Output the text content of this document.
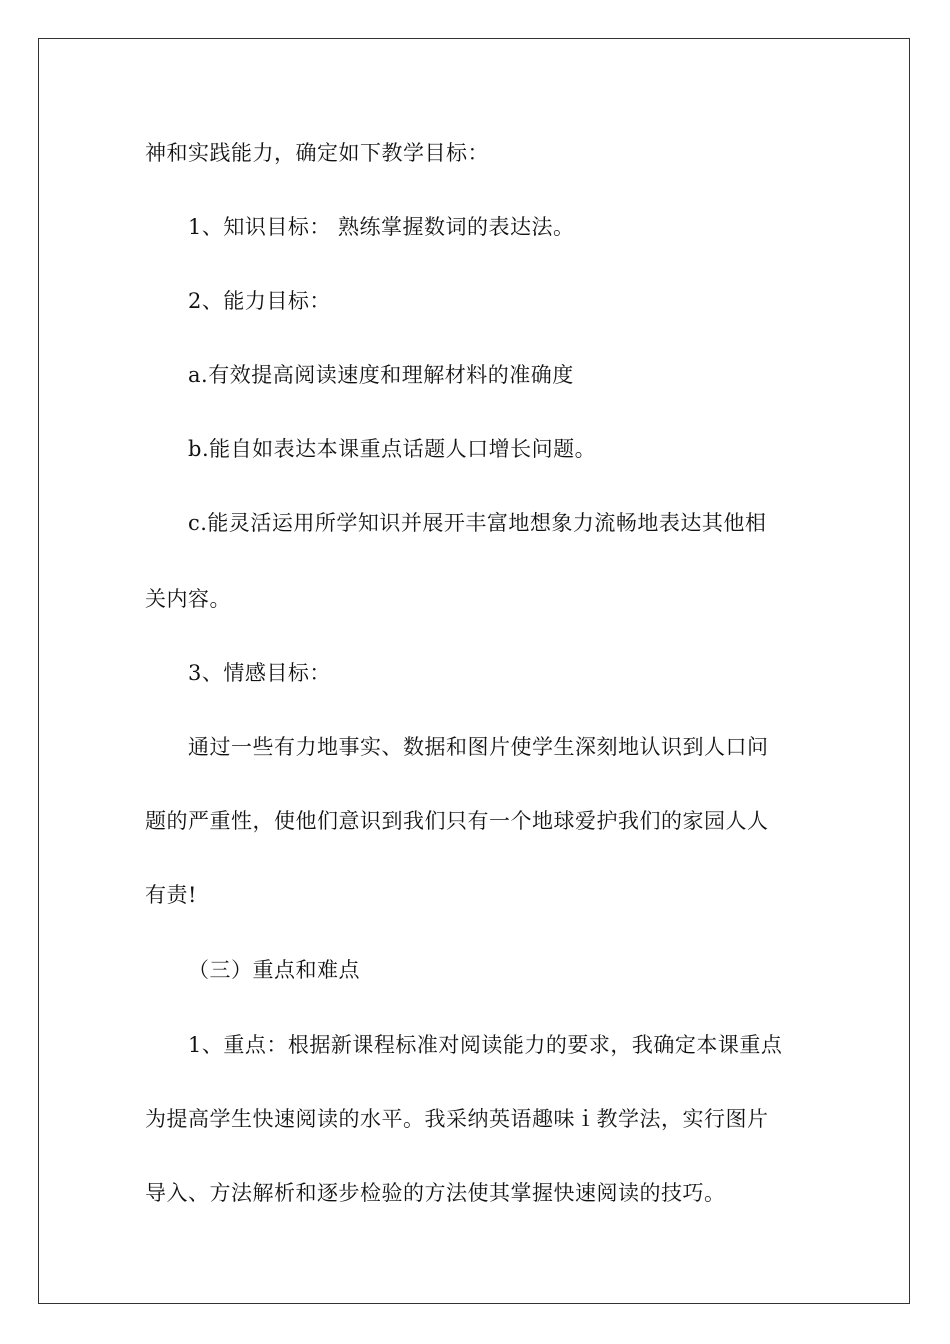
神和实践能力，确定如下教学目标：
1、知识目标： 熟练掌握数词的表达法。
2、能力目标：
a.有效提高阅读速度和理解材料的准确度
b.能自如表达本课重点话题人口增长问题。
c.能灵活运用所学知识并展开丰富地想象力流畅地表达其他相
关内容。
3、情感目标：
通过一些有力地事实、数据和图片使学生深刻地认识到人口问
题的严重性，使他们意识到我们只有一个地球爱护我们的家园人人
有责!
（三）重点和难点
1、重点：根据新课程标准对阅读能力的要求，我确定本课重点
为提高学生快速阅读的水平。我采纳英语趣味ｉ教学法，实行图片
导入、方法解析和逐步检验的方法使其掌握快速阅读的技巧。
